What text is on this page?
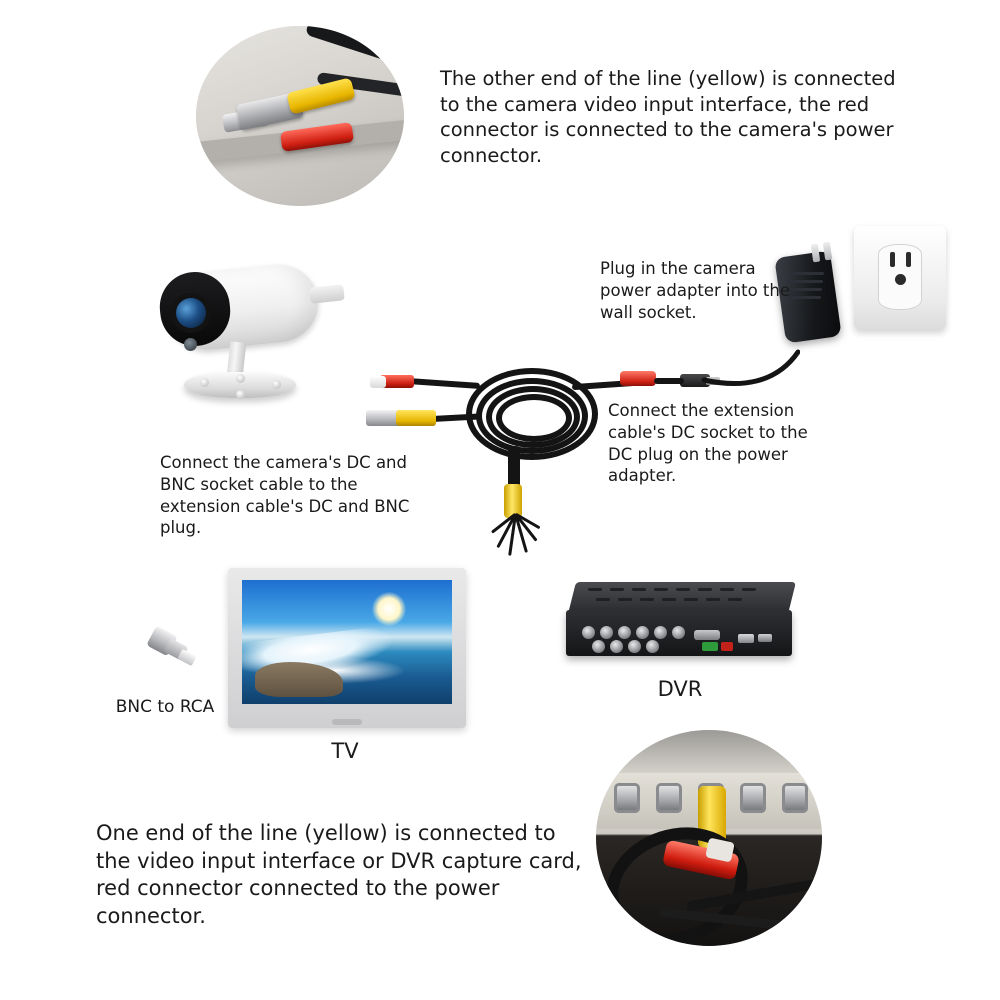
The other end of the line (yellow) is connected to the camera video input interface, the red connector is connected to the camera's power connector.
Plug in the camera power adapter into the wall socket.
Connect the extension cable's DC socket to the DC plug on the power adapter.
Connect the camera's DC and BNC socket cable to the extension cable's DC and BNC plug.
TV
BNC to RCA
DVR
One end of the line (yellow) is connected to the video input interface or DVR capture card, red connector connected to the power connector.
